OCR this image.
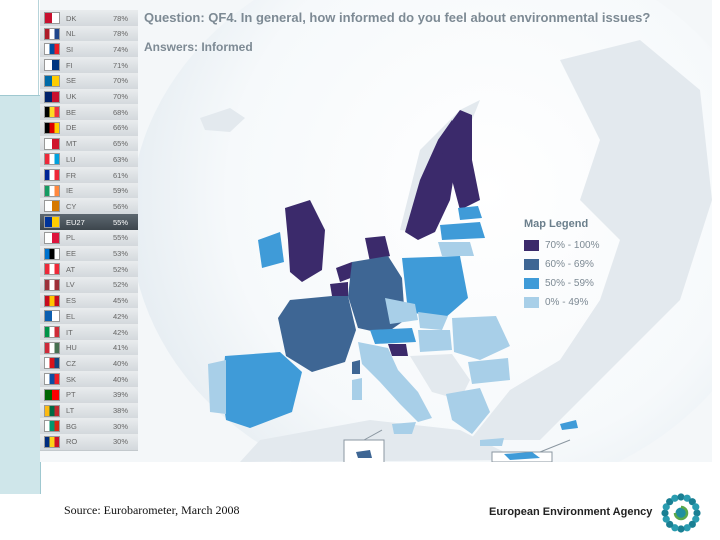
DK	78%
NL	78%
SI	74%
FI	71%
SE	70%
UK	70%
BE	68%
DE	66%
MT	65%
LU	63%
FR	61%
IE	59%
CY	56%
EU27	55%
PL	55%
EE	53%
AT	52%
LV	52%
ES	45%
EL	42%
IT	42%
HU	41%
CZ	40%
SK	40%
PT	39%
LT	38%
BG	30%
RO	30%
Question: QF4. In general, how informed do you feel about environmental issues?
Answers: Informed
Map Legend
70% - 100%
60% - 69%
50% - 59%
0% - 49%
Source: Eurobarometer, March 2008	European Environment Agency
